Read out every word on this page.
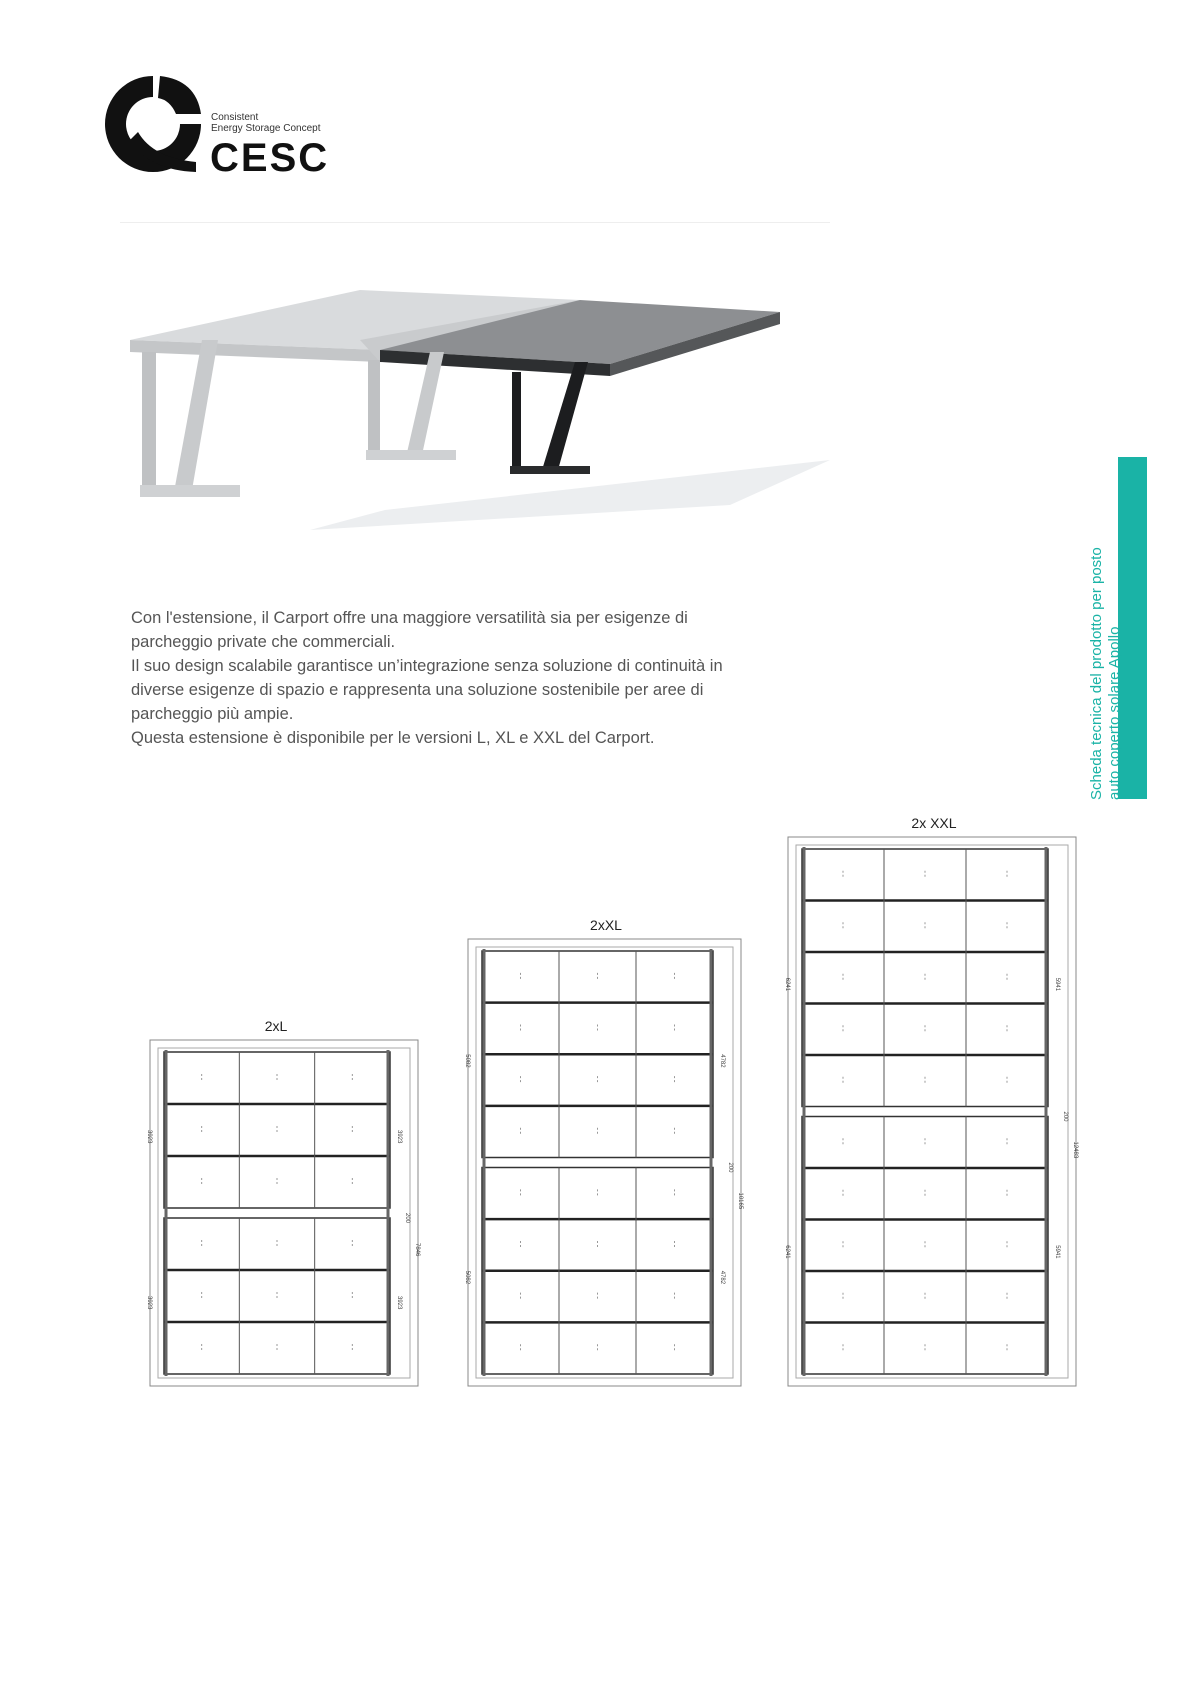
Consistent
Energy Storage Concept
CESC

Con l'estensione, il Carport offre una maggiore versatilità sia per esigenze di parcheggio private che commerciali.

Il suo design scalabile garantisce un’integrazione senza soluzione di continuità in diverse esigenze di spazio e rappresenta una soluzione sostenibile per aree di parcheggio più ampie.

Questa estensione è disponibile per le versioni L, XL e XXL del Carport.	Scheda tecnica del prodotto per posto auto coperto solare Apollo
2xL
3923
3923
3923
3923
200
7846
2xXL
5082
5082
4782
4782
200
10165
2x XXL
6241
6241
5941
5941
200
12483
